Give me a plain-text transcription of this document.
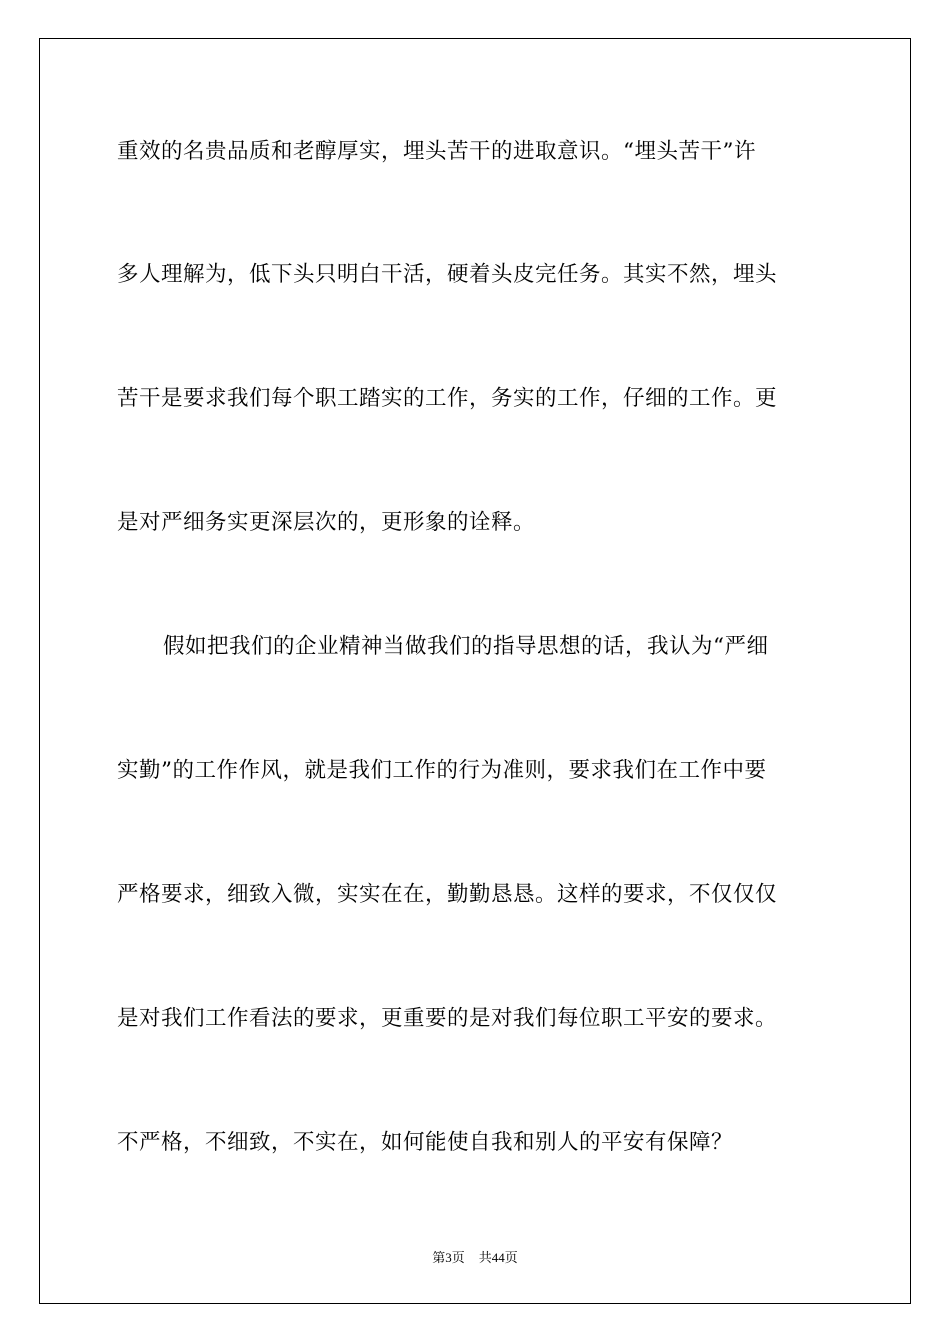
重效的名贵品质和老醇厚实，埋头苦干的进取意识。“埋头苦干”许
多人理解为，低下头只明白干活，硬着头皮完任务。其实不然，埋头
苦干是要求我们每个职工踏实的工作，务实的工作，仔细的工作。更
是对严细务实更深层次的，更形象的诠释。
假如把我们的企业精神当做我们的指导思想的话，我认为“严细
实勤”的工作作风，就是我们工作的行为准则，要求我们在工作中要
严格要求，细致入微，实实在在，勤勤恳恳。这样的要求，不仅仅仅
是对我们工作看法的要求，更重要的是对我们每位职工平安的要求。
不严格，不细致，不实在，如何能使自我和别人的平安有保障？
第3页 共44页
